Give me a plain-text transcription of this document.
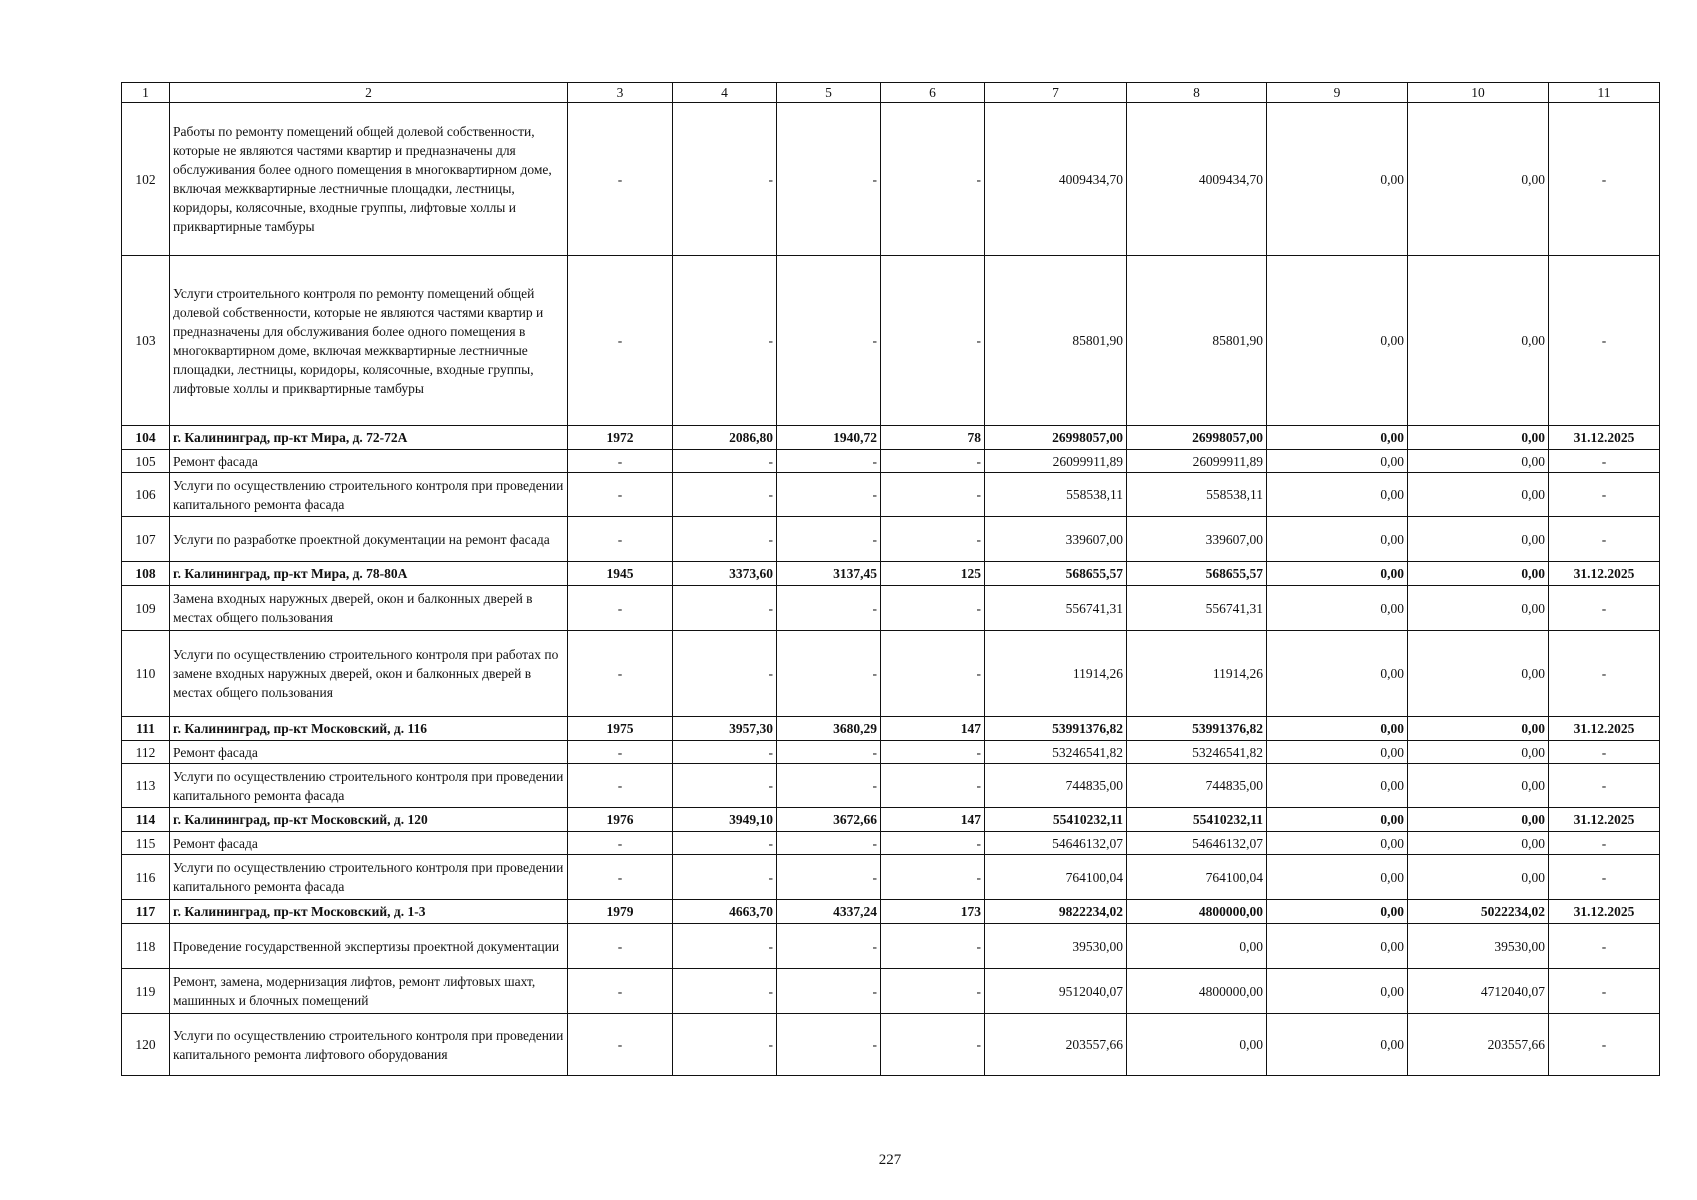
1	2	3	4	5	6	7	8	9	10	11
102	Работы по ремонту помещений общей долевой собственности, которые не являются частями квартир и предназначены для обслуживания более одного помещения в многоквартирном доме, включая межквартирные лестничные площадки, лестницы, коридоры, колясочные, входные группы, лифтовые холлы и приквартирные тамбуры	-	-	-	-	4009434,70	4009434,70	0,00	0,00	-
103	Услуги строительного контроля по ремонту помещений общей долевой собственности, которые не являются частями квартир и предназначены для обслуживания более одного помещения в многоквартирном доме, включая межквартирные лестничные площадки, лестницы, коридоры, колясочные, входные группы, лифтовые холлы и приквартирные тамбуры	-	-	-	-	85801,90	85801,90	0,00	0,00	-
104	г. Калининград, пр-кт Мира, д. 72-72А	1972	2086,80	1940,72	78	26998057,00	26998057,00	0,00	0,00	31.12.2025
105	Ремонт фасада	-	-	-	-	26099911,89	26099911,89	0,00	0,00	-
106	Услуги по осуществлению строительного контроля при проведении капитального ремонта фасада	-	-	-	-	558538,11	558538,11	0,00	0,00	-
107	Услуги по разработке проектной документации на ремонт фасада	-	-	-	-	339607,00	339607,00	0,00	0,00	-
108	г. Калининград, пр-кт Мира, д. 78-80А	1945	3373,60	3137,45	125	568655,57	568655,57	0,00	0,00	31.12.2025
109	Замена входных наружных дверей, окон и балконных дверей в местах общего пользования	-	-	-	-	556741,31	556741,31	0,00	0,00	-
110	Услуги по осуществлению строительного контроля при работах по замене входных наружных дверей, окон и балконных дверей в местах общего пользования	-	-	-	-	11914,26	11914,26	0,00	0,00	-
111	г. Калининград, пр-кт Московский, д. 116	1975	3957,30	3680,29	147	53991376,82	53991376,82	0,00	0,00	31.12.2025
112	Ремонт фасада	-	-	-	-	53246541,82	53246541,82	0,00	0,00	-
113	Услуги по осуществлению строительного контроля при проведении капитального ремонта фасада	-	-	-	-	744835,00	744835,00	0,00	0,00	-
114	г. Калининград, пр-кт Московский, д. 120	1976	3949,10	3672,66	147	55410232,11	55410232,11	0,00	0,00	31.12.2025
115	Ремонт фасада	-	-	-	-	54646132,07	54646132,07	0,00	0,00	-
116	Услуги по осуществлению строительного контроля при проведении капитального ремонта фасада	-	-	-	-	764100,04	764100,04	0,00	0,00	-
117	г. Калининград, пр-кт Московский, д. 1-3	1979	4663,70	4337,24	173	9822234,02	4800000,00	0,00	5022234,02	31.12.2025
118	Проведение государственной экспертизы проектной документации	-	-	-	-	39530,00	0,00	0,00	39530,00	-
119	Ремонт, замена, модернизация лифтов, ремонт лифтовых шахт, машинных и блочных помещений	-	-	-	-	9512040,07	4800000,00	0,00	4712040,07	-
120	Услуги по осуществлению строительного контроля при проведении капитального ремонта лифтового оборудования	-	-	-	-	203557,66	0,00	0,00	203557,66	-
227
